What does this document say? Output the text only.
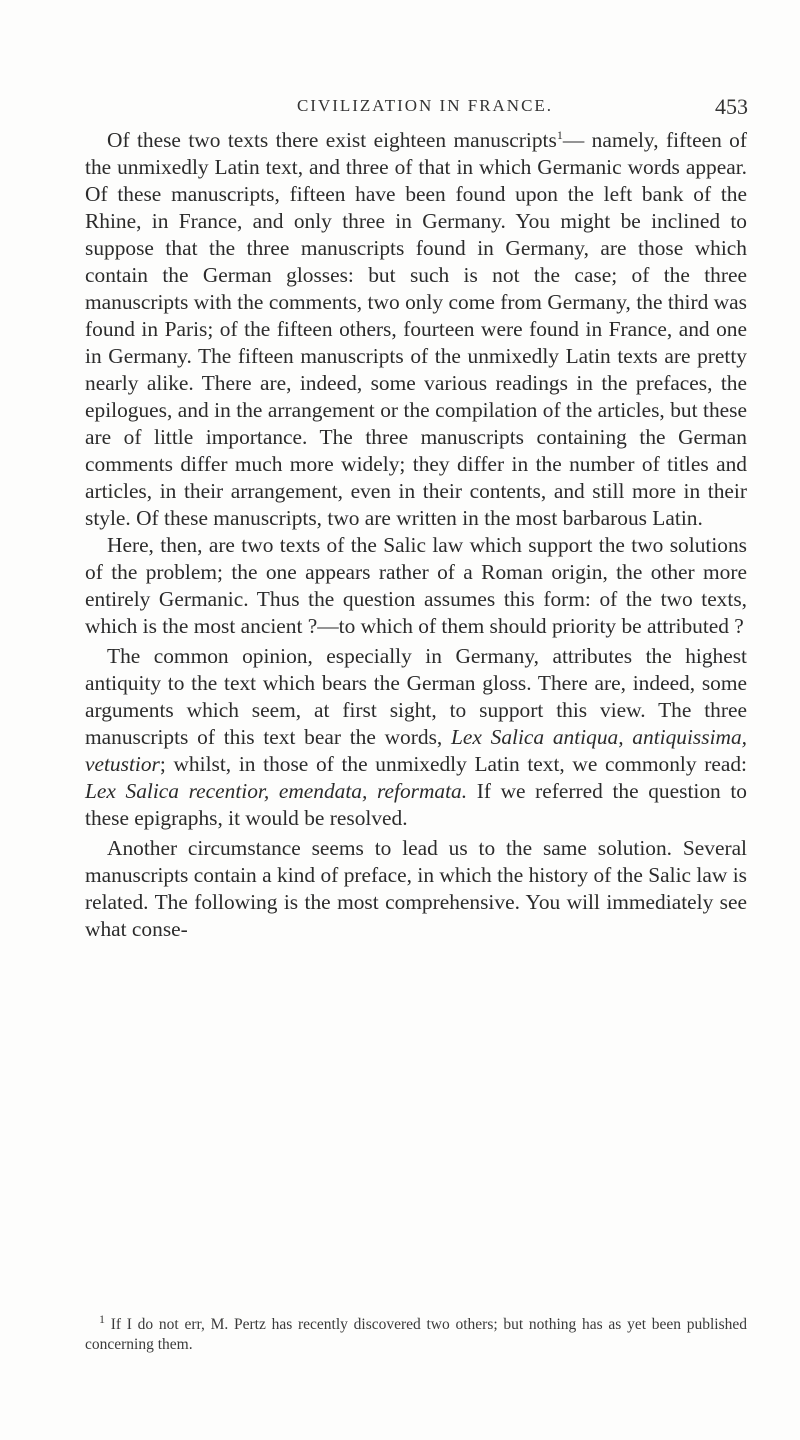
CIVILIZATION IN FRANCE.	453

Of these two texts there exist eighteen manuscripts$^1$— namely, fifteen of the unmixedly Latin text, and three of that in which Germanic words appear. Of these manuscripts, fifteen have been found upon the left bank of the Rhine, in France, and only three in Germany. You might be inclined to suppose that the three manuscripts found in Germany, are those which contain the German glosses: but such is not the case; of the three manuscripts with the comments, two only come from Germany, the third was found in Paris; of the fifteen others, fourteen were found in France, and one in Germany. The fifteen manuscripts of the unmixedly Latin texts are pretty nearly alike. There are, indeed, some various readings in the prefaces, the epilogues, and in the arrangement or the compilation of the articles, but these are of little importance. The three manuscripts containing the German comments differ much more widely; they differ in the number of titles and articles, in their arrangement, even in their contents, and still more in their style. Of these manuscripts, two are written in the most barbarous Latin.

Here, then, are two texts of the Salic law which support the two solutions of the problem; the one appears rather of a Roman origin, the other more entirely Germanic. Thus the question assumes this form: of the two texts, which is the most ancient ?—to which of them should priority be attributed ?

The common opinion, especially in Germany, attributes the highest antiquity to the text which bears the German gloss. There are, indeed, some arguments which seem, at first sight, to support this view. The three manuscripts of this text bear the words, Lex Salica antiqua, antiquissima, vetustior; whilst, in those of the unmixedly Latin text, we commonly read: Lex Salica recentior, emendata, reformata. If we referred the question to these epigraphs, it would be resolved.

Another circumstance seems to lead us to the same solution. Several manuscripts contain a kind of preface, in which the history of the Salic law is related. The following is the most comprehensive. You will immediately see what conse-

$^1$ If I do not err, M. Pertz has recently discovered two others; but nothing has as yet been published concerning them.
